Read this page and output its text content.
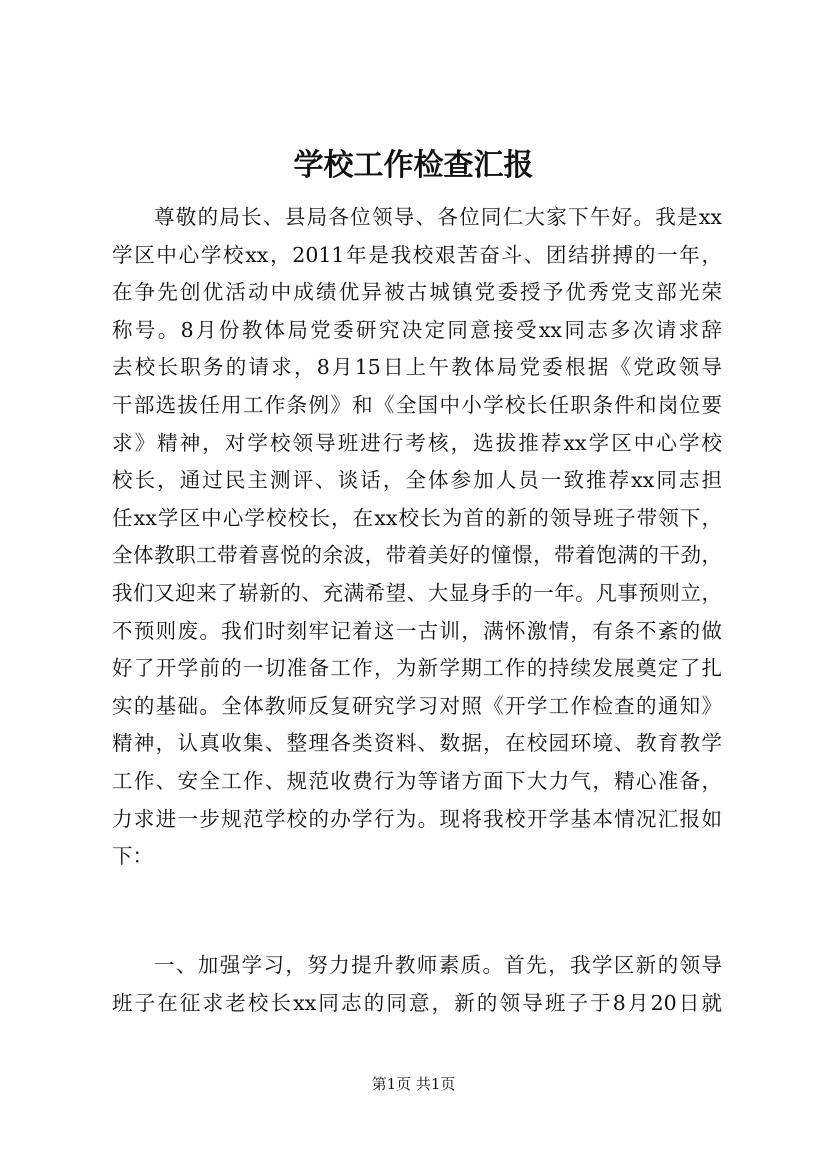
学校工作检查汇报
尊敬的局长、县局各位领导、各位同仁大家下午好。我是xx
学区中心学校xx，2011年是我校艰苦奋斗、团结拼搏的一年，
在争先创优活动中成绩优异被古城镇党委授予优秀党支部光荣
称号。8月份教体局党委研究决定同意接受xx同志多次请求辞
去校长职务的请求，8月15日上午教体局党委根据《党政领导
干部选拔任用工作条例》和《全国中小学校长任职条件和岗位要
求》精神，对学校领导班进行考核，选拔推荐xx学区中心学校
校长，通过民主测评、谈话，全体参加人员一致推荐xx同志担
任xx学区中心学校校长，在xx校长为首的新的领导班子带领下，
全体教职工带着喜悦的余波，带着美好的憧憬，带着饱满的干劲，
我们又迎来了崭新的、充满希望、大显身手的一年。凡事预则立，
不预则废。我们时刻牢记着这一古训，满怀激情，有条不紊的做
好了开学前的一切准备工作，为新学期工作的持续发展奠定了扎
实的基础。全体教师反复研究学习对照《开学工作检查的通知》
精神，认真收集、整理各类资料、数据，在校园环境、教育教学
工作、安全工作、规范收费行为等诸方面下大力气，精心准备，
力求进一步规范学校的办学行为。现将我校开学基本情况汇报如
下：
一、加强学习，努力提升教师素质。首先，我学区新的领导
班子在征求老校长xx同志的同意，新的领导班子于8月20日就
第1页 共1页
